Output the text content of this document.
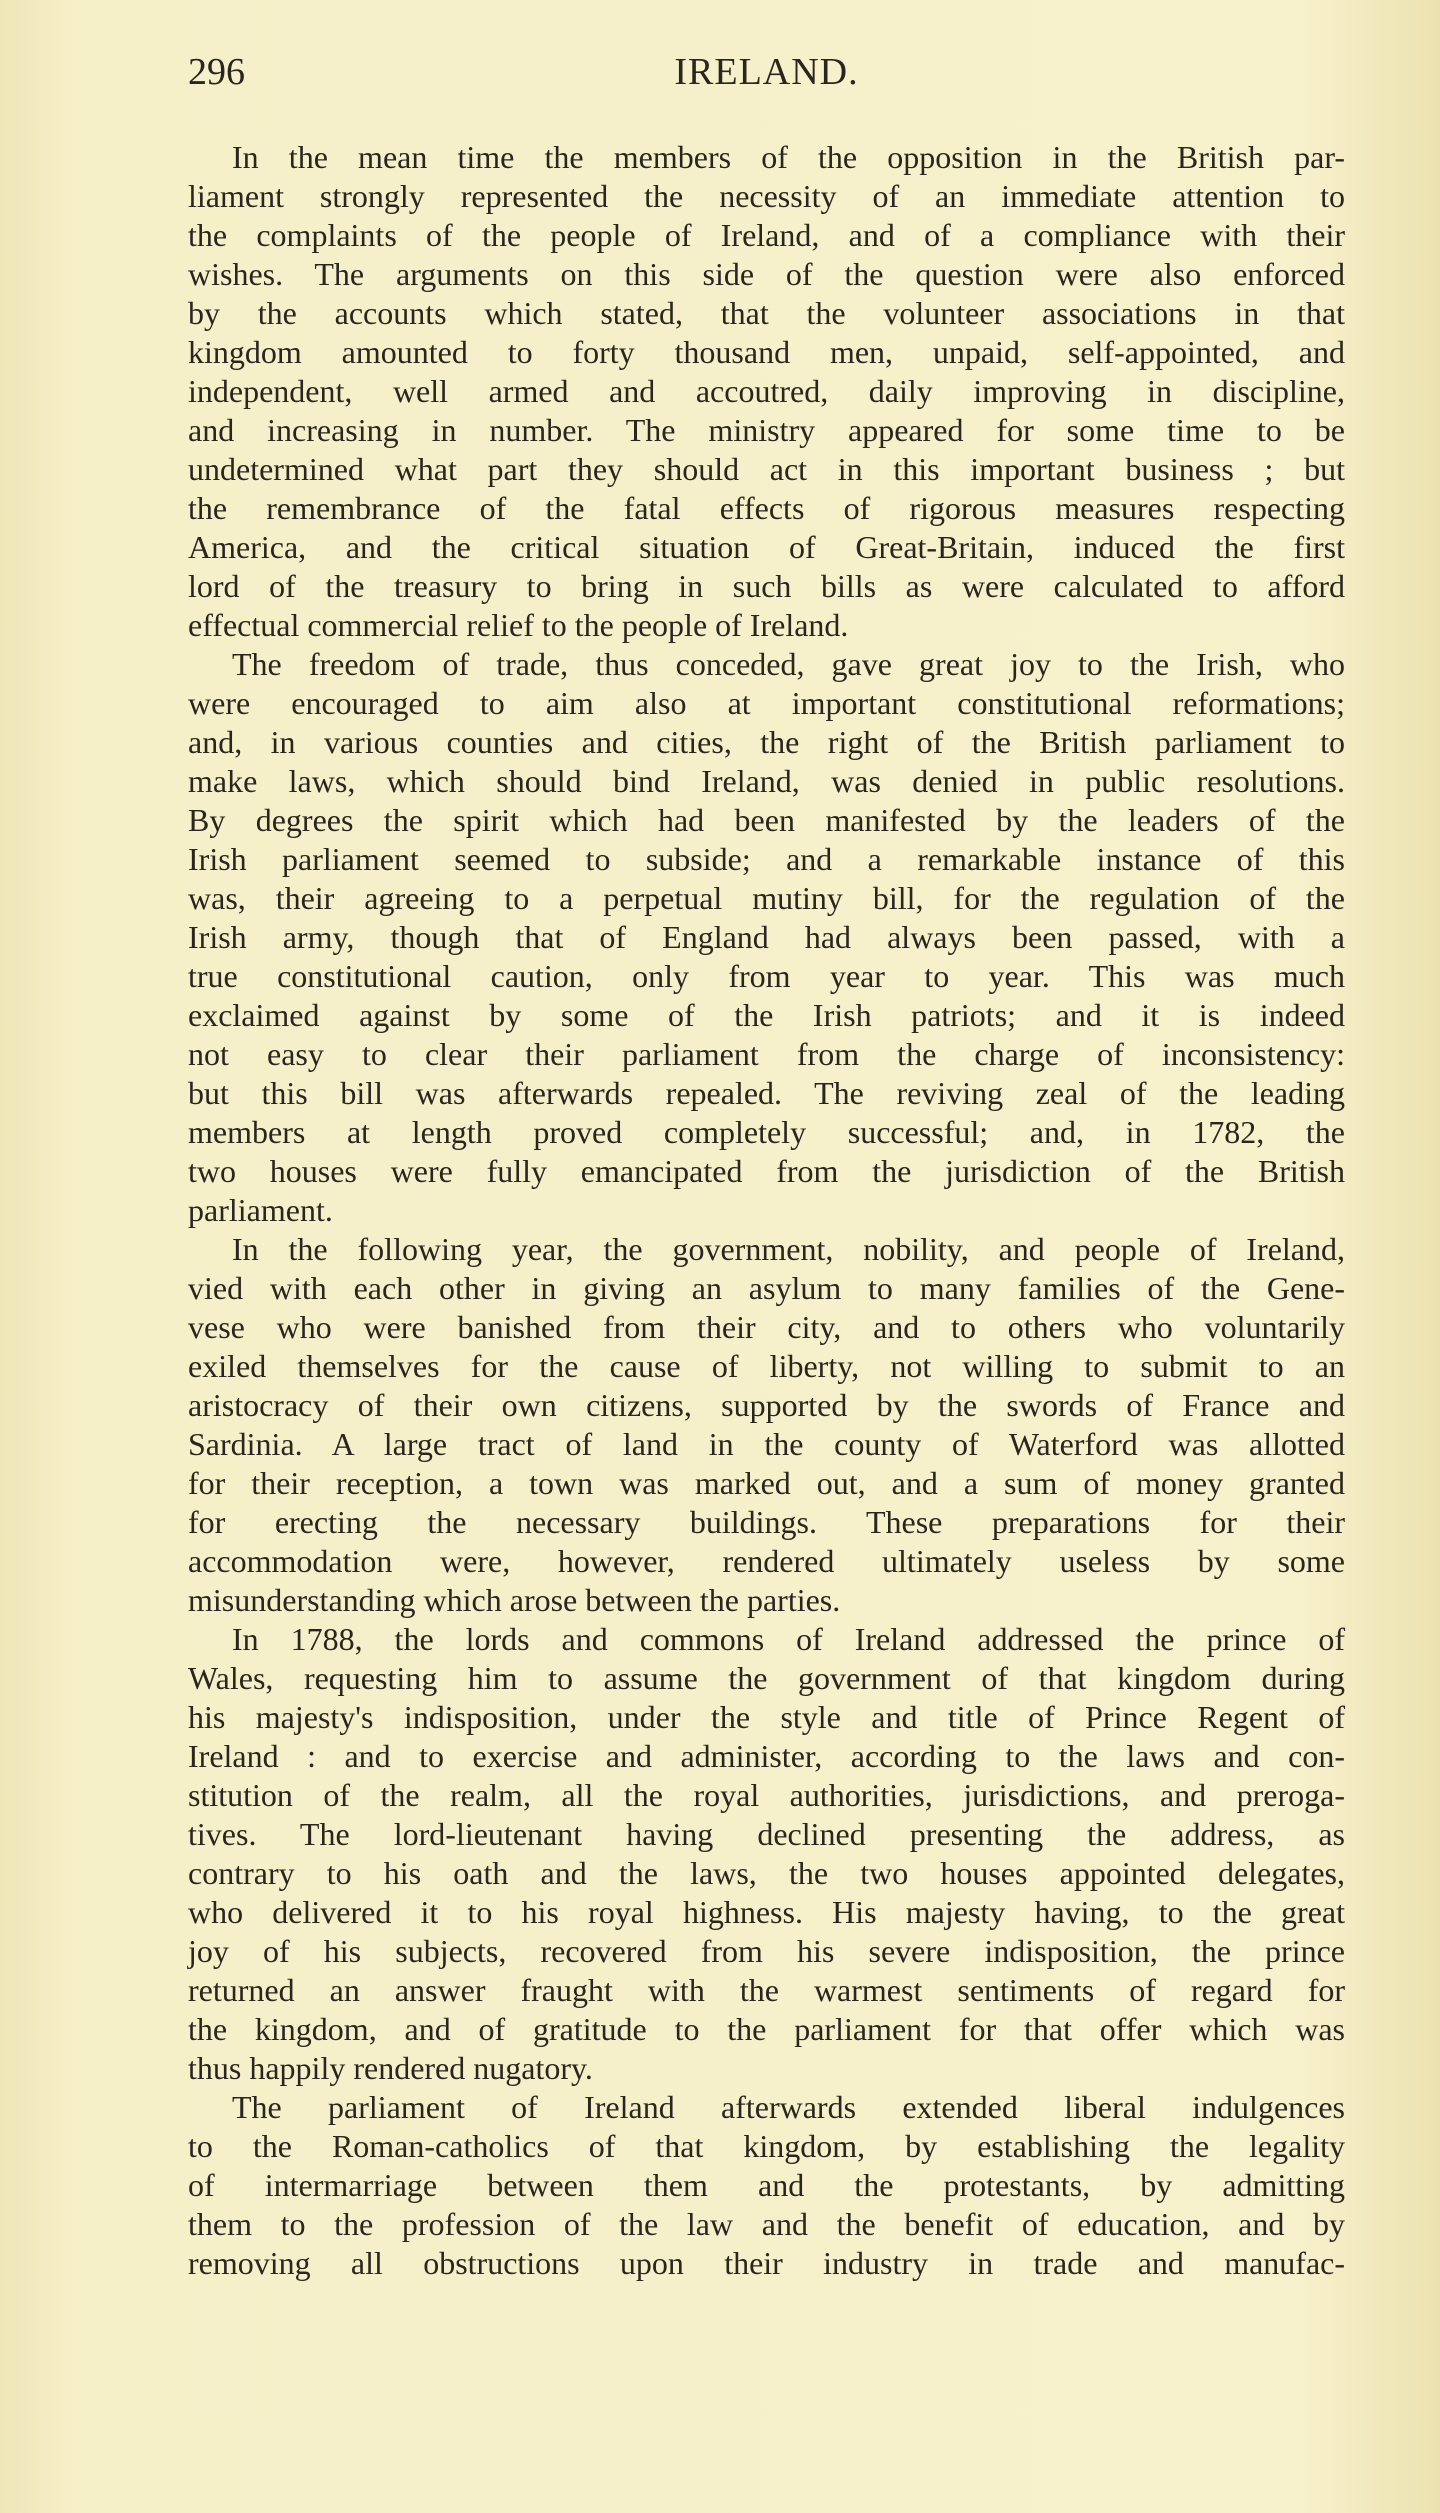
296	IRELAND.
In the mean time the members of the opposition in the British par-
liament strongly represented the necessity of an immediate attention to
the complaints of the people of Ireland, and of a compliance with their
wishes. The arguments on this side of the question were also enforced
by the accounts which stated, that the volunteer associations in that
kingdom amounted to forty thousand men, unpaid, self-appointed, and
independent, well armed and accoutred, daily improving in discipline,
and increasing in number. The ministry appeared for some time to be
undetermined what part they should act in this important business ; but
the remembrance of the fatal effects of rigorous measures respecting
America, and the critical situation of Great-Britain, induced the first
lord of the treasury to bring in such bills as were calculated to afford
effectual commercial relief to the people of Ireland.
The freedom of trade, thus conceded, gave great joy to the Irish, who
were encouraged to aim also at important constitutional reformations;
and, in various counties and cities, the right of the British parliament to
make laws, which should bind Ireland, was denied in public resolutions.
By degrees the spirit which had been manifested by the leaders of the
Irish parliament seemed to subside; and a remarkable instance of this
was, their agreeing to a perpetual mutiny bill, for the regulation of the
Irish army, though that of England had always been passed, with a
true constitutional caution, only from year to year. This was much
exclaimed against by some of the Irish patriots; and it is indeed
not easy to clear their parliament from the charge of inconsistency:
but this bill was afterwards repealed. The reviving zeal of the leading
members at length proved completely successful; and, in 1782, the
two houses were fully emancipated from the jurisdiction of the British
parliament.
In the following year, the government, nobility, and people of Ireland,
vied with each other in giving an asylum to many families of the Gene-
vese who were banished from their city, and to others who voluntarily
exiled themselves for the cause of liberty, not willing to submit to an
aristocracy of their own citizens, supported by the swords of France and
Sardinia. A large tract of land in the county of Waterford was allotted
for their reception, a town was marked out, and a sum of money granted
for erecting the necessary buildings. These preparations for their
accommodation were, however, rendered ultimately useless by some
misunderstanding which arose between the parties.
In 1788, the lords and commons of Ireland addressed the prince of
Wales, requesting him to assume the government of that kingdom during
his majesty's indisposition, under the style and title of Prince Regent of
Ireland : and to exercise and administer, according to the laws and con-
stitution of the realm, all the royal authorities, jurisdictions, and preroga-
tives. The lord-lieutenant having declined presenting the address, as
contrary to his oath and the laws, the two houses appointed delegates,
who delivered it to his royal highness. His majesty having, to the great
joy of his subjects, recovered from his severe indisposition, the prince
returned an answer fraught with the warmest sentiments of regard for
the kingdom, and of gratitude to the parliament for that offer which was
thus happily rendered nugatory.
The parliament of Ireland afterwards extended liberal indulgences
to the Roman-catholics of that kingdom, by establishing the legality
of intermarriage between them and the protestants, by admitting
them to the profession of the law and the benefit of education, and by
removing all obstructions upon their industry in trade and manufac-
